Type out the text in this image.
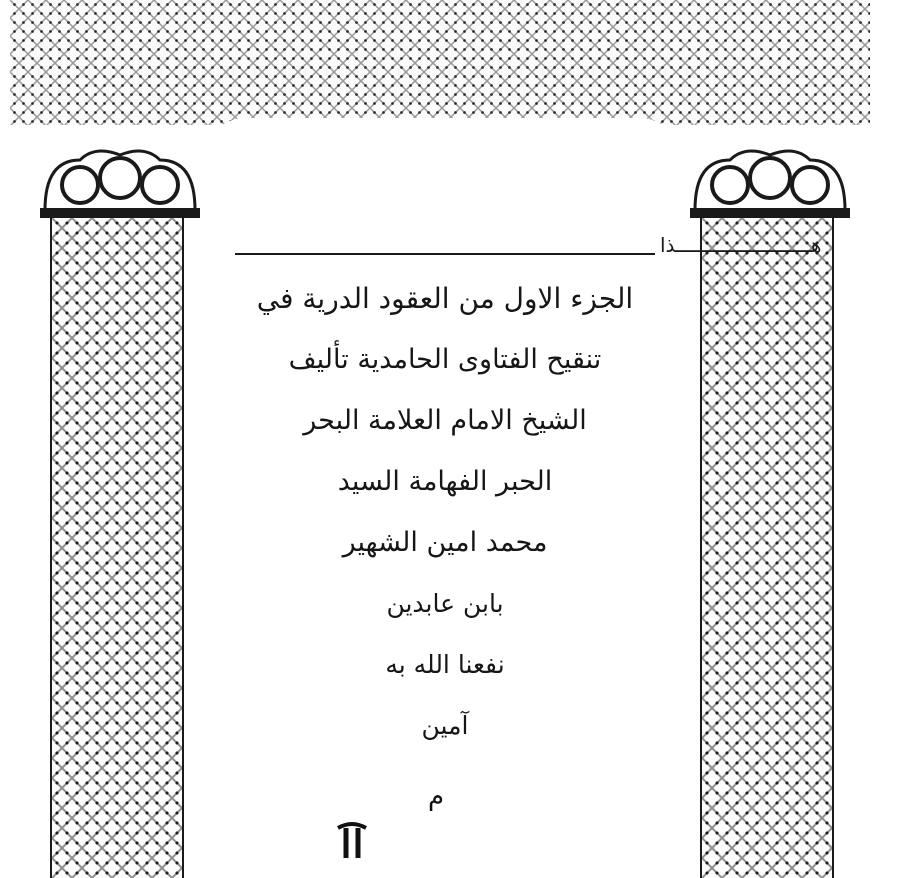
هـــــــــــــــــــــــذا
الجزء الاول من العقود الدرية في
تنقيح الفتاوى الحامدية تأليف
الشيخ الامام العلامة البحر
الحبر الفهامة السيد
محمد امين الشهير
بابن عابدين
نفعنا الله به
آمين
م
